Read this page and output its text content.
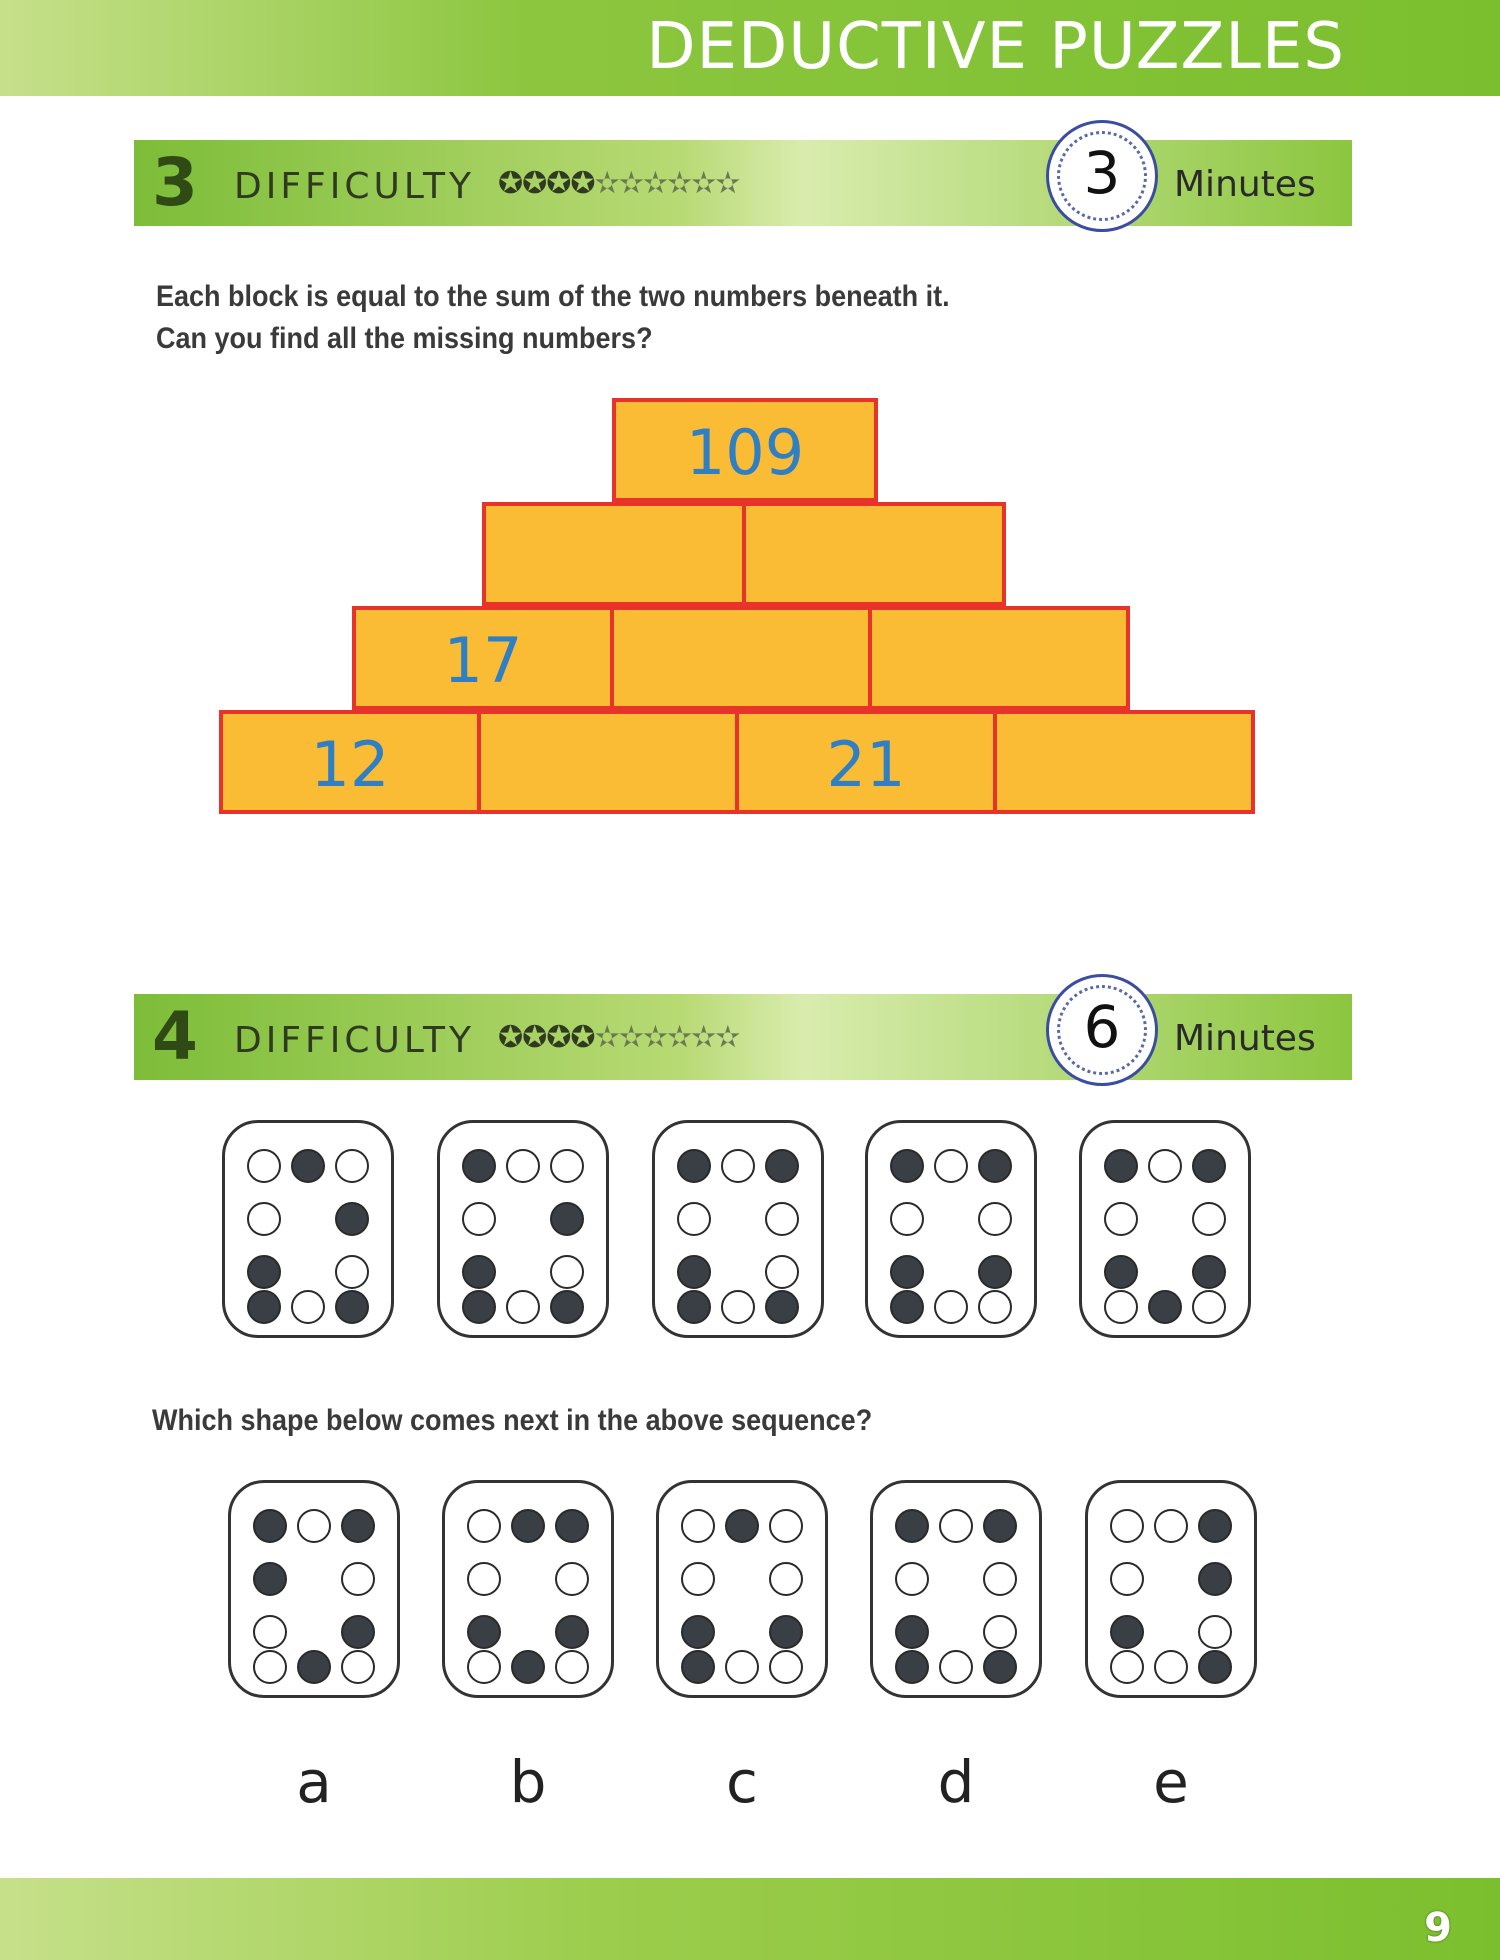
DEDUCTIVE PUZZLES
3 DIFFICULTY ✪✪✪✪✫✫✫✫✫✫	3	Minutes
Each block is equal to the sum of the two numbers beneath it.
Can you find all the missing numbers?
109
17
12	21
4 DIFFICULTY ✪✪✪✪✫✫✫✫✫✫	6	Minutes
Which shape below comes next in the above sequence?
a	b	c	d	e
9
